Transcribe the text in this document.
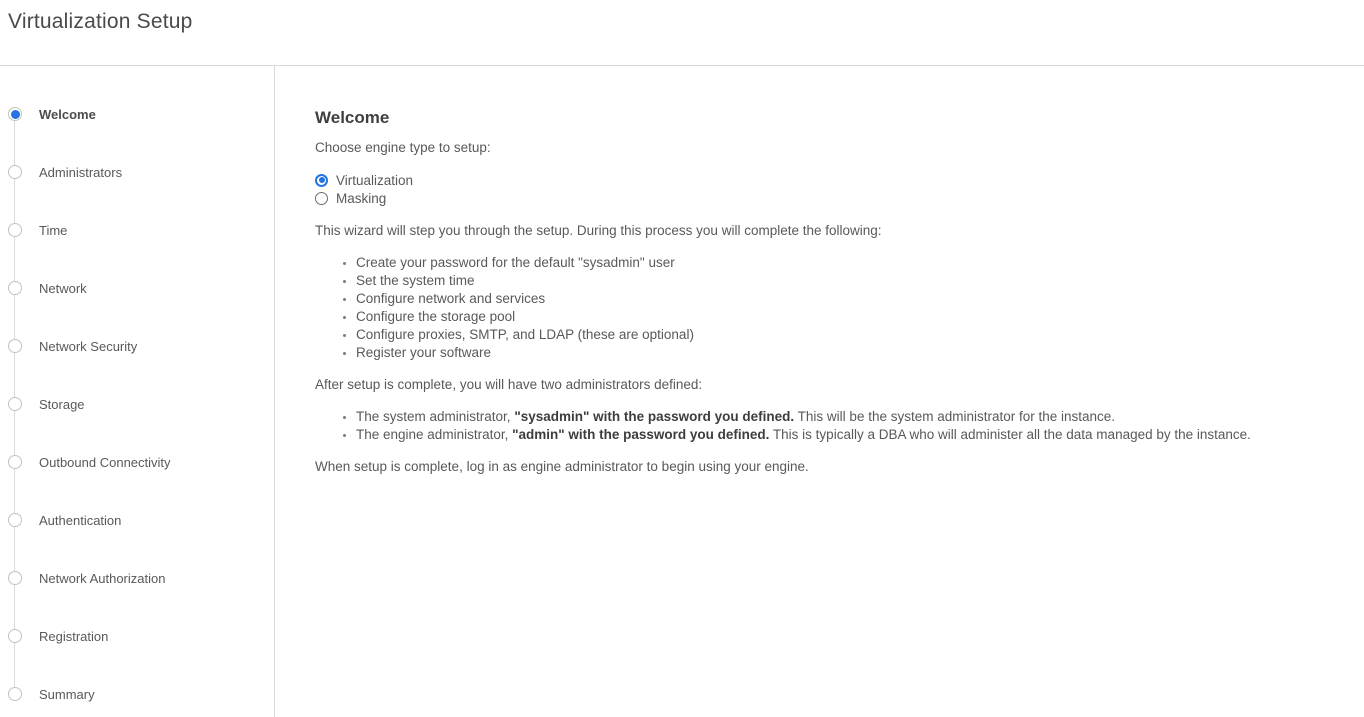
Virtualization Setup
Welcome
Administrators
Time
Network
Network Security
Storage
Outbound Connectivity
Authentication
Network Authorization
Registration
Summary
Welcome

Choose engine type to setup:

Virtualization
Masking

This wizard will step you through the setup. During this process you will complete the following:

• Create your password for the default "sysadmin" user
• Set the system time
• Configure network and services
• Configure the storage pool
• Configure proxies, SMTP, and LDAP (these are optional)
• Register your software

After setup is complete, you will have two administrators defined:

• The system administrator, "sysadmin" with the password you defined. This will be the system administrator for the instance.
• The engine administrator, "admin" with the password you defined. This is typically a DBA who will administer all the data managed by the instance.

When setup is complete, log in as engine administrator to begin using your engine.
